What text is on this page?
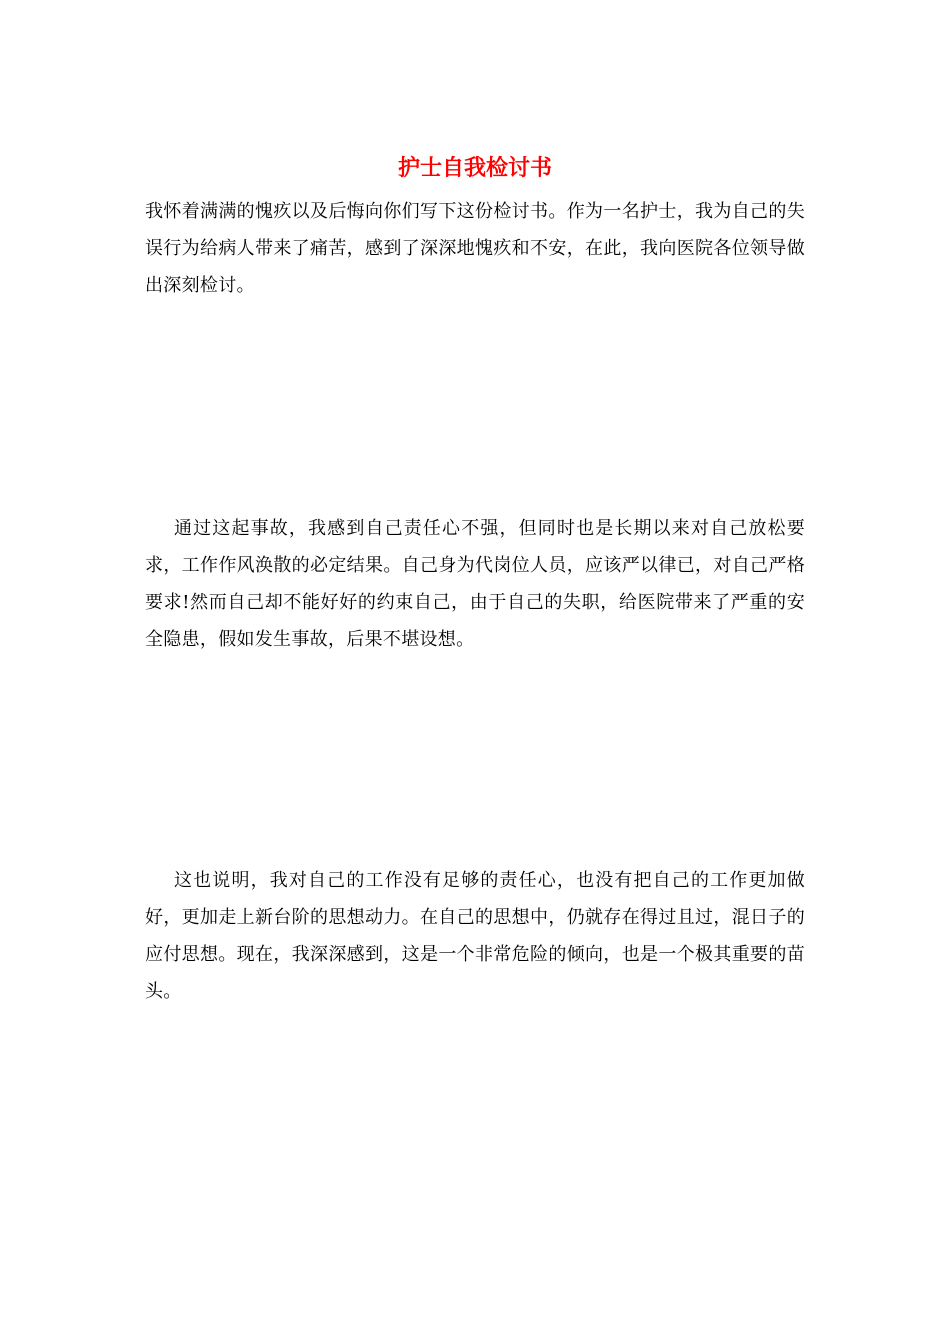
护士自我检讨书

我怀着满满的愧疚以及后悔向你们写下这份检讨书。作为一名护士，我为自己的失误行为给病人带来了痛苦，感到了深深地愧疚和不安，在此，我向医院各位领导做出深刻检讨。

通过这起事故，我感到自己责任心不强，但同时也是长期以来对自己放松要求，工作作风涣散的必定结果。自己身为代岗位人员，应该严以律已，对自己严格要求!然而自己却不能好好的约束自己，由于自己的失职，给医院带来了严重的安全隐患，假如发生事故，后果不堪设想。

这也说明，我对自己的工作没有足够的责任心，也没有把自己的工作更加做好，更加走上新台阶的思想动力。在自己的思想中，仍就存在得过且过，混日子的应付思想。现在，我深深感到，这是一个非常危险的倾向，也是一个极其重要的苗头。
